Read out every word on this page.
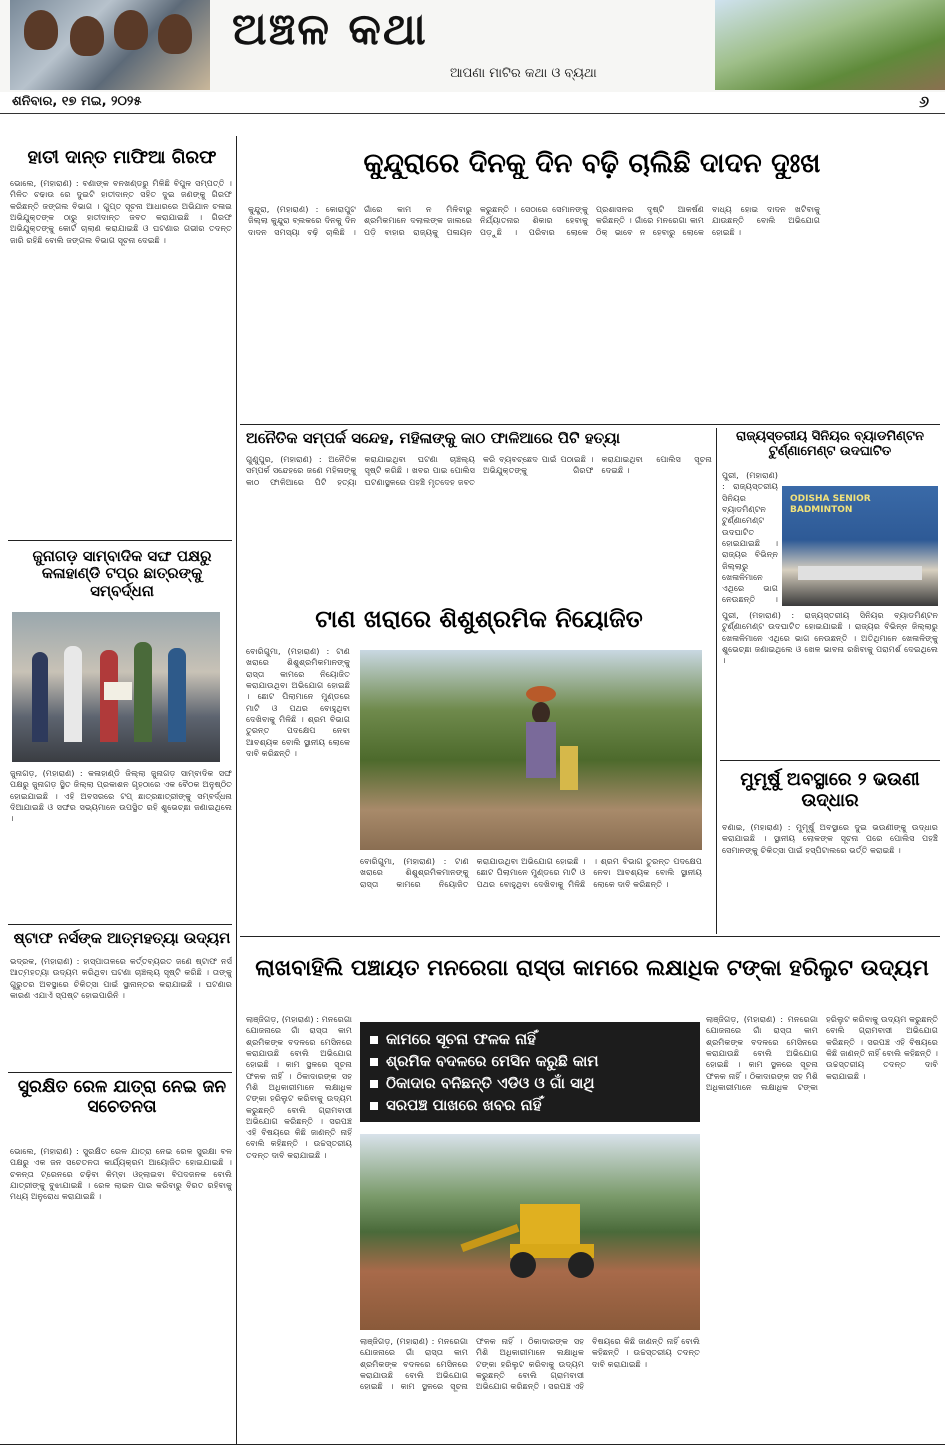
ଅଞ୍ଚଳ କଥା
ଆପଣା ମାଟିର କଥା ଓ ବ୍ୟଥା
ଶନିବାର, ୧୭ ମଇ, ୨୦୨୫	୬
ହାତୀ ଦାନ୍ତ ମାଫିଆ ଗିରଫ
ଭୋଲେ, (ମହାରାଣ) : ବଣାଙ୍କ ବନଖଣ୍ଡରୁ ମିଳିଛି ବିପୁଳ ସମ୍ପତ୍ତି । ମିଳିତ ଚଢାଉ ରେ ଦୁଇଟି ହାତୀଦାନ୍ତ ସହିତ ଦୁଇ ଜଣଙ୍କୁ ଗିରଫ କରିଛନ୍ତି ଜଙ୍ଗଲ ବିଭାଗ । ଗୁପ୍ତ ସୂଚନା ଆଧାରରେ ଅଭିଯାନ ଚଳାଇ ଅଭିଯୁକ୍ତଙ୍କ ଠାରୁ ହାତୀଦାନ୍ତ ଜବତ କରାଯାଇଛି । ଗିରଫ ଅଭିଯୁକ୍ତଙ୍କୁ କୋର୍ଟ ଚାଲାଣ କରାଯାଇଛି ଓ ଘଟଣାର ଗଭୀର ତଦନ୍ତ ଜାରି ରହିଛି ବୋଲି ଜଙ୍ଗଲ ବିଭାଗ ସୂଚନା ଦେଇଛି ।
ଜୁନାଗଡ଼ ସାମ୍ବାଦିକ ସଙ୍ଘ ପକ୍ଷରୁ କଳାହାଣ୍ଡି ଟପ୍‌ର ଛାତ୍ରଙ୍କୁ ସମ୍ବର୍ଦ୍ଧନା
ଜୁନାଗଡ଼, (ମହାରାଣ) : କଳାହାଣ୍ଡି ଜିଲ୍ଲା ଜୁନାଗଡ଼ ସାମ୍ବାଦିକ ସଙ୍ଘ ପକ୍ଷରୁ ଜୁନାଗଡ଼ ସ୍ଥିତ ଜିଲ୍ଲା ପ୍ରକାଶନ ଗୃହଠାରେ ଏକ ବୈଠକ ଅନୁଷ୍ଠିତ ହୋଇଯାଇଛି । ଏହି ଅବସରରେ ଟପ୍ ଛାତ୍ରଛାତ୍ରୀଙ୍କୁ ସମ୍ବର୍ଦ୍ଧନା ଦିଆଯାଇଛି ଓ ସଙ୍ଘର ସଭ୍ୟମାନେ ଉପସ୍ଥିତ ରହି ଶୁଭେଚ୍ଛା ଜଣାଇଥିଲେ ।
ଷ୍ଟାଫ ନର୍ସଙ୍କ ଆତ୍ମହତ୍ୟା ଉଦ୍ୟମ
ଭଦ୍ରକ, (ମହାରାଣ) : ହାସ୍ପାତାଳରେ କର୍ତ୍ତବ୍ୟରତ ଜଣେ ଷ୍ଟାଫ ନର୍ସ ଆତ୍ମହତ୍ୟା ଉଦ୍ୟମ କରିଥିବା ଘଟଣା ଚାଞ୍ଚଲ୍ୟ ସୃଷ୍ଟି କରିଛି । ତାଙ୍କୁ ଗୁରୁତର ଅବସ୍ଥାରେ ଚିକିତ୍ସା ପାଇଁ ସ୍ଥାନାନ୍ତର କରାଯାଇଛି । ଘଟଣାର କାରଣ ଏଯାଏଁ ସ୍ପଷ୍ଟ ହୋଇପାରିନି ।
ସୁରକ୍ଷିତ ରେଳ ଯାତ୍ରା ନେଇ ଜନ ସଚେତନତା
ଭୋଲେ, (ମହାରାଣ) : ସୁରକ୍ଷିତ ରେଳ ଯାତ୍ରା ନେଇ ରେଳ ସୁରକ୍ଷା ବଳ ପକ୍ଷରୁ ଏକ ଜନ ସଚେତନତା କାର୍ଯ୍ୟକ୍ରମ ଆୟୋଜିତ ହୋଇଯାଇଛି । ଚଳନ୍ତା ଟ୍ରେନରେ ଚଢ଼ିବା କିମ୍ବା ଓହ୍ଲାଇବା ବିପଦଜନକ ବୋଲି ଯାତ୍ରୀଙ୍କୁ ବୁଝାଯାଇଛି । ରେଳ ଲାଇନ ପାର କରିବାରୁ ବିରତ ରହିବାକୁ ମଧ୍ୟ ଅନୁରୋଧ କରାଯାଇଛି ।
କୁନ୍ଦୁରାରେ ଦିନକୁ ଦିନ ବଢ଼ି ଚାଲିଛି ଦାଦନ ଦୁଃଖ
କୁନ୍ଦୁରା, (ମହାରାଣ) : କୋରାପୁଟ ଜିଲ୍ଲା କୁନ୍ଦୁରା ବ୍ଲକରେ ଦିନକୁ ଦିନ ଦାଦନ ସମସ୍ୟା ବଢ଼ି ଚାଲିଛି । ଗାଁରେ କାମ ନ ମିଳିବାରୁ ଶ୍ରମିକମାନେ ଦଲାଲଙ୍କ ଜାଲରେ ପଡ଼ି ବାହାର ରାଜ୍ୟକୁ ପଳାୟନ କରୁଛନ୍ତି । ସେଠାରେ ସେମାନଙ୍କୁ ନିର୍ଯ୍ୟାତନାର ଶିକାର ହେବାକୁ ପଡ଼ୁଛି । ପରିବାର ଲୋକେ ପ୍ରଶାସନର ଦୃଷ୍ଟି ଆକର୍ଷଣ କରିଛନ୍ତି । ଗାଁରେ ମନରେଗା କାମ ଠିକ୍ ଭାବେ ନ ହେବାରୁ ଲୋକେ ବାଧ୍ୟ ହୋଇ ଦାଦନ ଖଟିବାକୁ ଯାଉଛନ୍ତି ବୋଲି ଅଭିଯୋଗ ହୋଇଛି ।
ଅନୈତିକ ସମ୍ପର୍କ ସନ୍ଦେହ, ମହିଳାଙ୍କୁ କାଠ ଫାଳିଆରେ ପିଟି ହତ୍ୟା
ଗୁଣୁପୁର, (ମହାରାଣ) : ଅନୈତିକ ସମ୍ପର୍କ ସନ୍ଦେହରେ ଜଣେ ମହିଳାଙ୍କୁ କାଠ ଫାଳିଆରେ ପିଟି ହତ୍ୟା କରାଯାଇଥିବା ଘଟଣା ଚାଞ୍ଚଲ୍ୟ ସୃଷ୍ଟି କରିଛି । ଖବର ପାଇ ପୋଲିସ ଘଟଣାସ୍ଥଳରେ ପହଞ୍ଚି ମୃତଦେହ ଜବତ କରି ବ୍ୟବଚ୍ଛେଦ ପାଇଁ ପଠାଇଛି । ଅଭିଯୁକ୍ତଙ୍କୁ ଗିରଫ କରାଯାଇଥିବା ପୋଲିସ ସୂଚନା ଦେଇଛି ।
ଟାଣ ଖରାରେ ଶିଶୁଶ୍ରମିକ ନିୟୋଜିତ
ବୋରିଗୁମା, (ମହାରାଣ) : ଟାଣ ଖରାରେ ଶିଶୁଶ୍ରମିକମାନଙ୍କୁ ରାସ୍ତା କାମରେ ନିୟୋଜିତ କରାଯାଉଥିବା ଅଭିଯୋଗ ହୋଇଛି । ଛୋଟ ପିଲାମାନେ ମୁଣ୍ଡରେ ମାଟି ଓ ପଥର ବୋହୁଥିବା ଦେଖିବାକୁ ମିଳିଛି । ଶ୍ରମ ବିଭାଗ ତୁରନ୍ତ ପଦକ୍ଷେପ ନେବା ଆବଶ୍ୟକ ବୋଲି ସ୍ଥାନୀୟ ଲୋକେ ଦାବି କରିଛନ୍ତି ।
ବୋରିଗୁମା, (ମହାରାଣ) : ଟାଣ ଖରାରେ ଶିଶୁଶ୍ରମିକମାନଙ୍କୁ ରାସ୍ତା କାମରେ ନିୟୋଜିତ କରାଯାଉଥିବା ଅଭିଯୋଗ ହୋଇଛି । ଛୋଟ ପିଲାମାନେ ମୁଣ୍ଡରେ ମାଟି ଓ ପଥର ବୋହୁଥିବା ଦେଖିବାକୁ ମିଳିଛି । ଶ୍ରମ ବିଭାଗ ତୁରନ୍ତ ପଦକ୍ଷେପ ନେବା ଆବଶ୍ୟକ ବୋଲି ସ୍ଥାନୀୟ ଲୋକେ ଦାବି କରିଛନ୍ତି ।
ରାଜ୍ୟସ୍ତରୀୟ ସିନିୟର ବ୍ୟାଡମିଣ୍ଟନ ଟୁର୍ଣ୍ଣାମେଣ୍ଟ ଉଦଘାଟିତ
ପୁରୀ, (ମହାରାଣ) : ରାଜ୍ୟସ୍ତରୀୟ ସିନିୟର ବ୍ୟାଡମିଣ୍ଟନ ଟୁର୍ଣ୍ଣାମେଣ୍ଟ ଉଦଘାଟିତ ହୋଇଯାଇଛି । ରାଜ୍ୟର ବିଭିନ୍ନ ଜିଲ୍ଲାରୁ ଖେଳାଳିମାନେ ଏଥିରେ ଭାଗ ନେଉଛନ୍ତି ।
ODISHA SENIOR BADMINTON
ପୁରୀ, (ମହାରାଣ) : ରାଜ୍ୟସ୍ତରୀୟ ସିନିୟର ବ୍ୟାଡମିଣ୍ଟନ ଟୁର୍ଣ୍ଣାମେଣ୍ଟ ଉଦଘାଟିତ ହୋଇଯାଇଛି । ରାଜ୍ୟର ବିଭିନ୍ନ ଜିଲ୍ଲାରୁ ଖେଳାଳିମାନେ ଏଥିରେ ଭାଗ ନେଉଛନ୍ତି । ଅତିଥିମାନେ ଖେଳାଳିଙ୍କୁ ଶୁଭେଚ୍ଛା ଜଣାଇଥିଲେ ଓ ଖେଳ ଭାବନା ରଖିବାକୁ ପରାମର୍ଶ ଦେଇଥିଲେ ।
ମୁମୂର୍ଷୁ ଅବସ୍ଥାରେ ୨ ଭଉଣୀ ଉଦ୍ଧାର
ବଣାଇ, (ମହାରାଣ) : ମୁମୂର୍ଷୁ ଅବସ୍ଥାରେ ଦୁଇ ଭଉଣୀଙ୍କୁ ଉଦ୍ଧାର କରାଯାଇଛି । ସ୍ଥାନୀୟ ଲୋକଙ୍କ ସୂଚନା ପରେ ପୋଲିସ ପହଞ୍ଚି ସେମାନଙ୍କୁ ଚିକିତ୍ସା ପାଇଁ ହସ୍ପିଟାଲରେ ଭର୍ତ୍ତି କରାଇଛି ।
ଲାଖବାହିଲି ପଞ୍ଚାୟତ ମନରେଗା ରାସ୍ତା କାମରେ ଲକ୍ଷାଧିକ ଟଙ୍କା ହରିଲୁଟ ଉଦ୍ୟମ
ଲାଞ୍ଜିଗଡ଼, (ମହାରାଣ) : ମନରେଗା ଯୋଜନାରେ ଗାଁ ରାସ୍ତା କାମ ଶ୍ରମିକଙ୍କ ବଦଳରେ ମେସିନରେ କରାଯାଉଛି ବୋଲି ଅଭିଯୋଗ ହୋଇଛି । କାମ ସ୍ଥଳରେ ସୂଚନା ଫଳକ ନାହିଁ । ଠିକାଦାରଙ୍କ ସହ ମିଶି ଅଧିକାରୀମାନେ ଲକ୍ଷାଧିକ ଟଙ୍କା ହରିଲୁଟ କରିବାକୁ ଉଦ୍ୟମ କରୁଛନ୍ତି ବୋଲି ଗ୍ରାମବାସୀ ଅଭିଯୋଗ କରିଛନ୍ତି । ସରପଞ୍ଚ ଏହି ବିଷୟରେ କିଛି ଜାଣନ୍ତି ନାହିଁ ବୋଲି କହିଛନ୍ତି । ଉଚ୍ଚସ୍ତରୀୟ ତଦନ୍ତ ଦାବି କରାଯାଇଛି ।
କାମରେ ସୂଚନା ଫଳକ ନାହିଁ
ଶ୍ରମିକ ବଦଳରେ ମେସିନ କରୁଛି କାମ
ଠିକାଦାର ବନିଛନ୍ତି ଏଡିଓ ଓ ଗାଁ ସାଥି
ସରପଞ୍ଚ ପାଖରେ ଖବର ନାହିଁ
ଲାଞ୍ଜିଗଡ଼, (ମହାରାଣ) : ମନରେଗା ଯୋଜନାରେ ଗାଁ ରାସ୍ତା କାମ ଶ୍ରମିକଙ୍କ ବଦଳରେ ମେସିନରେ କରାଯାଉଛି ବୋଲି ଅଭିଯୋଗ ହୋଇଛି । କାମ ସ୍ଥଳରେ ସୂଚନା ଫଳକ ନାହିଁ । ଠିକାଦାରଙ୍କ ସହ ମିଶି ଅଧିକାରୀମାନେ ଲକ୍ଷାଧିକ ଟଙ୍କା ହରିଲୁଟ କରିବାକୁ ଉଦ୍ୟମ କରୁଛନ୍ତି ବୋଲି ଗ୍ରାମବାସୀ ଅଭିଯୋଗ କରିଛନ୍ତି । ସରପଞ୍ଚ ଏହି ବିଷୟରେ କିଛି ଜାଣନ୍ତି ନାହିଁ ବୋଲି କହିଛନ୍ତି । ଉଚ୍ଚସ୍ତରୀୟ ତଦନ୍ତ ଦାବି କରାଯାଇଛି ।
ଲାଞ୍ଜିଗଡ଼, (ମହାରାଣ) : ମନରେଗା ଯୋଜନାରେ ଗାଁ ରାସ୍ତା କାମ ଶ୍ରମିକଙ୍କ ବଦଳରେ ମେସିନରେ କରାଯାଉଛି ବୋଲି ଅଭିଯୋଗ ହୋଇଛି । କାମ ସ୍ଥଳରେ ସୂଚନା ଫଳକ ନାହିଁ । ଠିକାଦାରଙ୍କ ସହ ମିଶି ଅଧିକାରୀମାନେ ଲକ୍ଷାଧିକ ଟଙ୍କା ହରିଲୁଟ କରିବାକୁ ଉଦ୍ୟମ କରୁଛନ୍ତି ବୋଲି ଗ୍ରାମବାସୀ ଅଭିଯୋଗ କରିଛନ୍ତି । ସରପଞ୍ଚ ଏହି ବିଷୟରେ କିଛି ଜାଣନ୍ତି ନାହିଁ ବୋଲି କହିଛନ୍ତି । ଉଚ୍ଚସ୍ତରୀୟ ତଦନ୍ତ ଦାବି କରାଯାଇଛି ।
